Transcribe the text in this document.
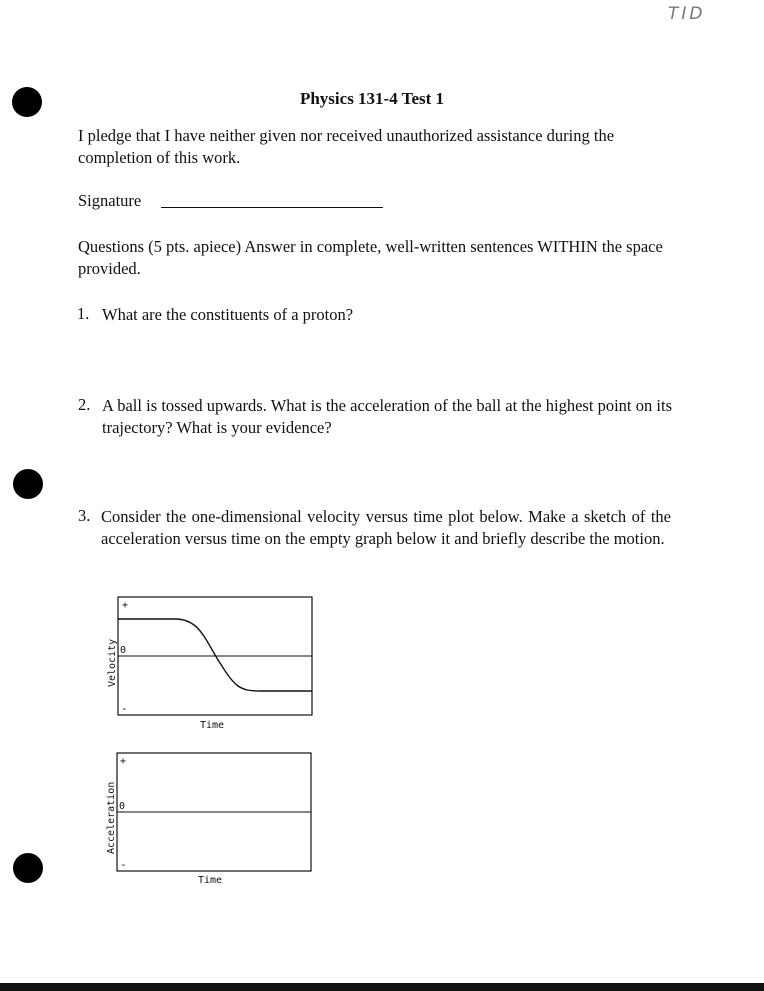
TID
Physics 131-4 Test 1
I pledge that I have neither given nor received unauthorized assistance during the completion of this work.
Signature
Questions (5 pts. apiece) Answer in complete, well-written sentences WITHIN the space provided.
1. What are the constituents of a proton?
2. A ball is tossed upwards. What is the acceleration of the ball at the highest point on its trajectory? What is your evidence?
3. Consider the one-dimensional velocity versus time plot below. Make a sketch of the acceleration versus time on the empty graph below it and briefly describe the motion.
+
0
-
Velocity
Time
+
0
-
Acceleration
Time
